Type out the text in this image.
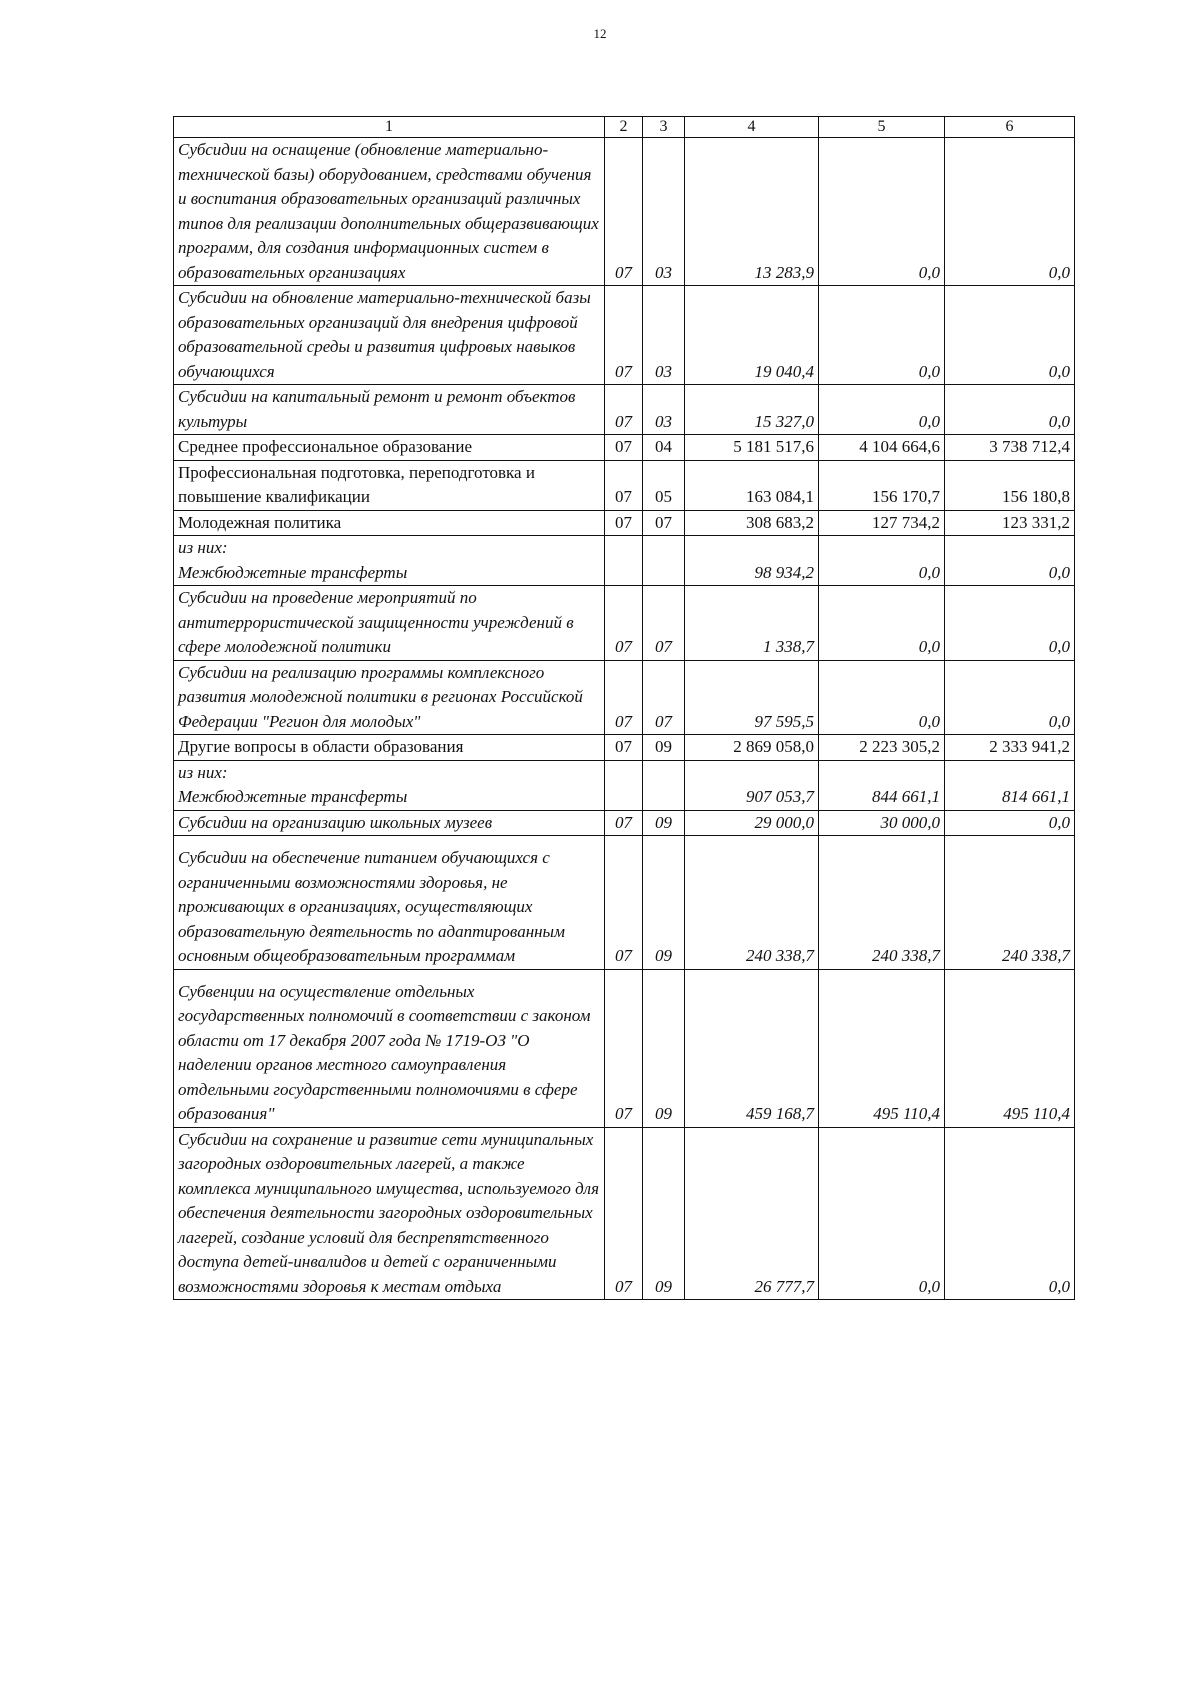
12
1	2	3	4	5	6
Субсидии на оснащение (обновление материально-технической базы) оборудованием, средствами обучения и воспитания образовательных организаций различных типов для реализации дополнительных общеразвивающих программ, для создания информационных систем в образовательных организациях	07	03	13 283,9	0,0	0,0
Субсидии на обновление материально-технической базы образовательных организаций для внедрения цифровой образовательной среды и развития цифровых навыков обучающихся	07	03	19 040,4	0,0	0,0
Субсидии на капитальный ремонт и ремонт объектов культуры	07	03	15 327,0	0,0	0,0
Среднее профессиональное образование	07	04	5 181 517,6	4 104 664,6	3 738 712,4
Профессиональная подготовка, переподготовка и повышение квалификации	07	05	163 084,1	156 170,7	156 180,8
Молодежная политика	07	07	308 683,2	127 734,2	123 331,2
из них:
Межбюджетные трансферты			98 934,2	0,0	0,0
Субсидии на проведение мероприятий по антитеррористической защищенности учреждений в сфере молодежной политики	07	07	1 338,7	0,0	0,0
Субсидии на реализацию программы комплексного развития молодежной политики в регионах Российской Федерации "Регион для молодых"	07	07	97 595,5	0,0	0,0
Другие вопросы в области образования	07	09	2 869 058,0	2 223 305,2	2 333 941,2
из них:
Межбюджетные трансферты			907 053,7	844 661,1	814 661,1
Субсидии на организацию школьных музеев	07	09	29 000,0	30 000,0	0,0
Субсидии на обеспечение питанием обучающихся с ограниченными возможностями здоровья, не проживающих в организациях, осуществляющих образовательную деятельность по адаптированным основным общеобразовательным программам	07	09	240 338,7	240 338,7	240 338,7
Субвенции на осуществление отдельных государственных полномочий в соответствии с законом области от 17 декабря 2007 года № 1719-ОЗ "О наделении органов местного самоуправления отдельными государственными полномочиями в сфере образования"	07	09	459 168,7	495 110,4	495 110,4
Субсидии на сохранение и развитие сети муниципальных загородных оздоровительных лагерей, а также комплекса муниципального имущества, используемого для обеспечения деятельности загородных оздоровительных лагерей, создание условий для беспрепятственного доступа детей-инвалидов и детей с ограниченными возможностями здоровья к местам отдыха	07	09	26 777,7	0,0	0,0
